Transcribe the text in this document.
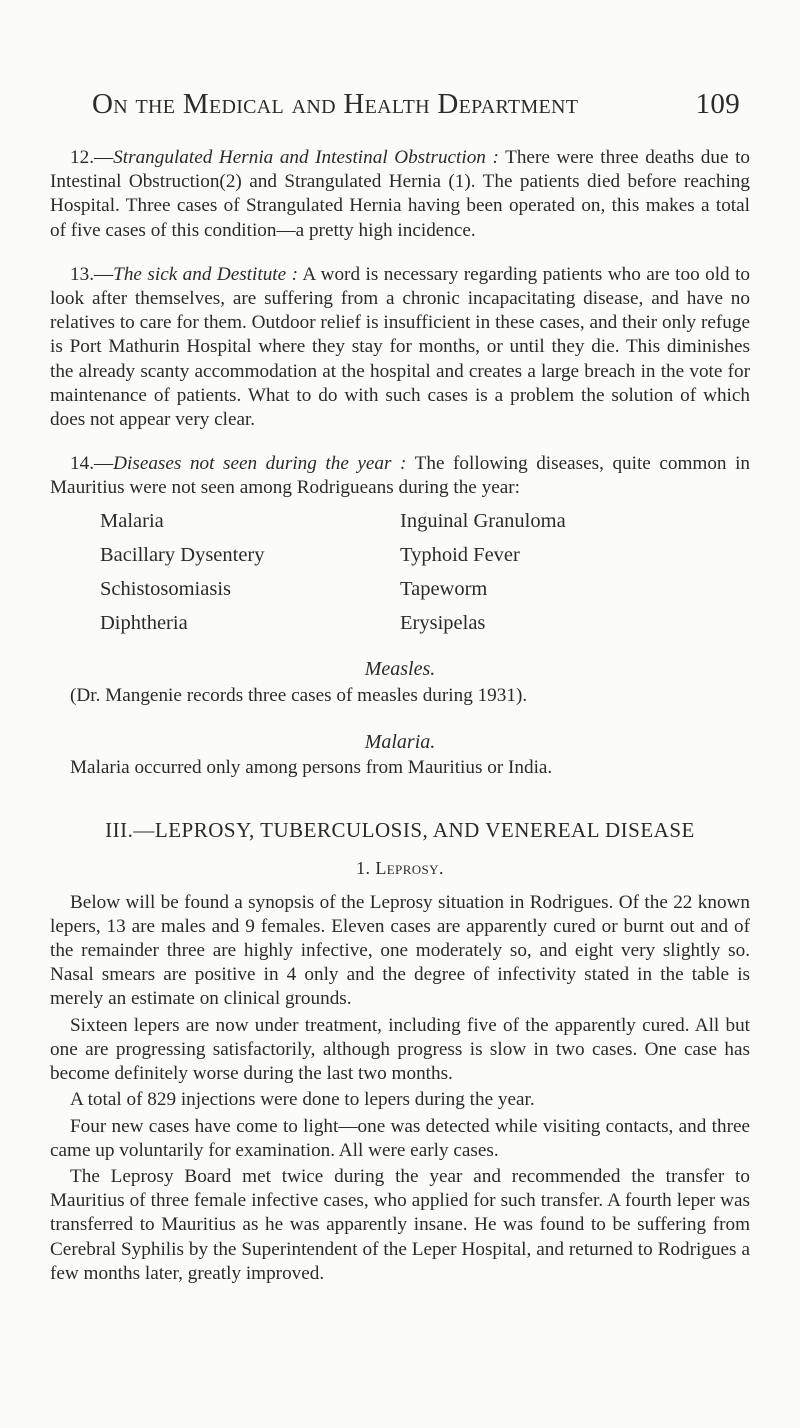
On the Medical and Health Department	109

12.—Strangulated Hernia and Intestinal Obstruction : There were three deaths due to Intestinal Obstruction(2) and Strangulated Hernia (1). The patients died before reaching Hospital. Three cases of Strangulated Hernia having been operated on, this makes a total of five cases of this condition—a pretty high incidence.

13.—The sick and Destitute : A word is necessary regarding patients who are too old to look after themselves, are suffering from a chronic incapacitating disease, and have no relatives to care for them. Outdoor relief is insufficient in these cases, and their only refuge is Port Mathurin Hospital where they stay for months, or until they die. This diminishes the already scanty accommodation at the hospital and creates a large breach in the vote for maintenance of patients. What to do with such cases is a problem the solution of which does not appear very clear.

14.—Diseases not seen during the year : The following diseases, quite common in Mauritius were not seen among Rodrigueans during the year:

Malaria	Inguinal Granuloma
Bacillary Dysentery	Typhoid Fever
Schistosomiasis	Tapeworm
Diphtheria	Erysipelas
Measles.

(Dr. Mangenie records three cases of measles during 1931).

Malaria.

Malaria occurred only among persons from Mauritius or India.

III.—LEPROSY, TUBERCULOSIS, AND VENEREAL DISEASE
1. Leprosy.

Below will be found a synopsis of the Leprosy situation in Rodrigues. Of the 22 known lepers, 13 are males and 9 females. Eleven cases are apparently cured or burnt out and of the remainder three are highly infective, one moderately so, and eight very slightly so. Nasal smears are positive in 4 only and the degree of infectivity stated in the table is merely an estimate on clinical grounds.

Sixteen lepers are now under treatment, including five of the apparently cured. All but one are progressing satisfactorily, although progress is slow in two cases. One case has become definitely worse during the last two months.

A total of 829 injections were done to lepers during the year.

Four new cases have come to light—one was detected while visiting contacts, and three came up voluntarily for examination. All were early cases.

The Leprosy Board met twice during the year and recommended the transfer to Mauritius of three female infective cases, who applied for such transfer. A fourth leper was transferred to Mauritius as he was apparently insane. He was found to be suffering from Cerebral Syphilis by the Superintendent of the Leper Hospital, and returned to Rodrigues a few months later, greatly improved.
